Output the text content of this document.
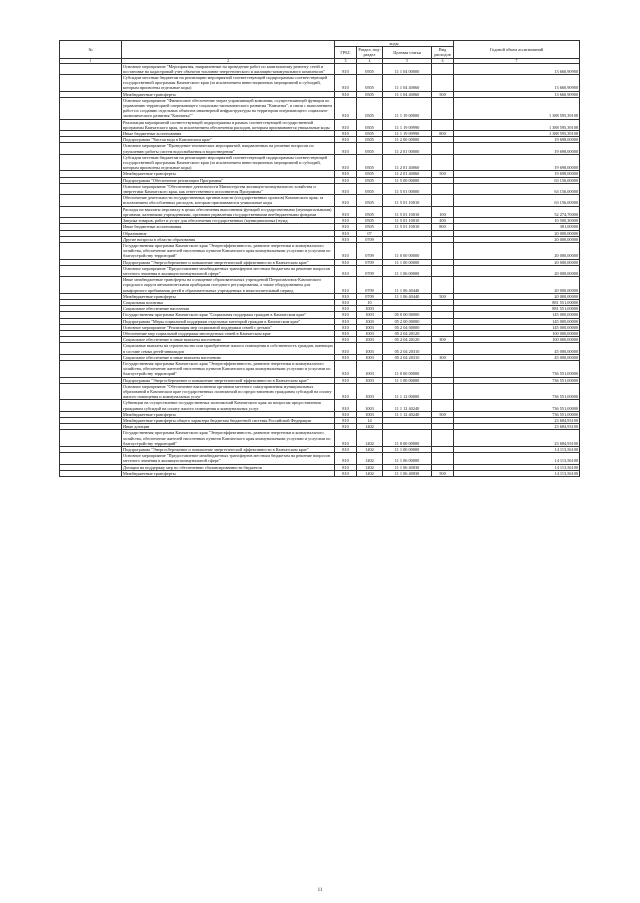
№		коды				Годовой объем ассигнований
		ГРБС	Раздел, под-раздел	Целевая статья	Вид расходов	
1	2	3	4	5	6	7
	Основное мероприятие "Мероприятия, направленные на проведение работ по капитальному ремонту сетей и постановке на кадастровый учет объектов топливно-энергетического и жилищно-коммунального комплексов"	810	0505	11 1 04 00000		13 660,90900
	Субсидии местным бюджетам на реализацию мероприятий соответствующей подпрограммы соответствующей государственной программы Камчатского края (за исключением инвестиционных мероприятий и субсидий, которым присвоены отдельные коды)	810	0505	11 1 04 40060		13 660,90900
	Межбюджетные трансферты	810	0505	11 1 04 40060	500	13 660,90900
	Основное мероприятие "Финансовое обеспечение затрат управляющей компании, осуществляющей функции по управлению территорией опережающего социально-экономического развития "Камчатка", в связи с выполнением работ по созданию отдельных объектов инженерной инфраструктуры на территории опережающего социально-экономического развития "Камчатка""	810	0505	11 1 19 00000		1 388 595,39108
	Реализация мероприятий соответствующей подпрограммы в рамках соответствующей государственной программы Камчатского края, за исключением обеспечения расходов, которым присваиваются уникальные коды	810	0505	11 1 19 09990		1 388 595,39108
	Иные бюджетные ассигнования	810	0505	11 1 19 09990	800	1 388 595,39108
	Подпрограмма "Чистая вода в Камчатском крае"	810	0505	11 2 00 00000		19 698,00000
	Основное мероприятие "Проведение технических мероприятий, направленных на решение вопросов по улучшению работы систем водоснабжения и водоотведения"	810	0505	11 2 01 00000		19 698,00000
	Субсидии местным бюджетам на реализацию мероприятий соответствующей подпрограммы соответствующей государственной программы Камчатского края (за исключением инвестиционных мероприятий и субсидий, которым присвоены отдельные коды)	810	0505	11 2 01 40060		19 698,00000
	Межбюджетные трансферты	810	0505	11 2 01 40060	500	19 698,00000
	Подпрограмма "Обеспечение реализации Программы"	810	0505	11 5 00 00000		63 156,00000
	Основное мероприятие "Обеспечение деятельности Министерства жилищно-коммунального хозяйства и энергетики Камчатского края, как ответственного исполнителя Программы"	810	0505	11 5 01 00000		63 156,00000
	Обеспечение деятельности государственных органов власти (государственных органов) Камчатского края, за исключением обособленных расходов, которым присваиваются уникальные коды	810	0505	11 5 01 10010		63 156,00000
	Расходы на выплаты персоналу в целях обеспечения выполнения функций государственными (муниципальными) органами, казенными учреждениями, органами управления государственными внебюджетными фондами	810	0505	11 5 01 10010	100	52 274,70000
	Закупка товаров, работ и услуг для обеспечения государственных (муниципальных) нужд	810	0505	11 5 01 10010	200	10 500,30000
	Иные бюджетные ассигнования	810	0505	11 5 01 10010	800	381,00000
	Образование	810	07			20 000,00000
	Другие вопросы в области образования	810	0709			20 000,00000
	Государственная программа Камчатского края "Энергоэффективность, развитие энергетики и коммунального хозяйства, обеспечение жителей населенных пунктов Камчатского края коммунальными услугами и услугами по благоустройству территорий"	810	0709	11 0 00 00000		20 000,00000
	Подпрограмма "Энергосбережение и повышение энергетической эффективности в Камчатском крае"	810	0709	11 1 00 00000		20 000,00000
	Основное мероприятие "Предоставление межбюджетных трансфертов местным бюджетам на решение вопросов местного значения в жилищно-коммунальной сфере"	810	0709	11 1 06 00000		20 000,00000
	Иные межбюджетные трансферты на оснащение образовательных учреждений Петропавловск-Камчатского городского округа автоматическими приборами погодного регулирования, а также оборудованием для комфортного пребывания детей в образовательных учреждениях в межотопительный период	810	0709	11 1 06 40440		20 000,00000
	Межбюджетные трансферты	810	0709	11 1 06 40440	500	20 000,00000
	Социальная политика	810	10			881 551,00000
	Социальное обеспечение населения	810	1003			881 551,00000
	Государственная программа Камчатского края "Социальная поддержка граждан в Камчатском крае"	810	1003	05 0 00 00000		145 000,00000
	Подпрограмма "Меры социальной поддержки отдельных категорий граждан в Камчатском крае"	810	1003	05 2 00 00000		145 000,00000
	Основное мероприятие "Реализация мер социальной поддержки семей с детьми"	810	1003	05 2 04 00000		145 000,00000
	Обеспечение мер социальной поддержки многодетных семей в Камчатском крае	810	1003	05 2 04 20120		100 000,00000
	Социальное обеспечение и иные выплаты населению	810	1003	05 2 04 20120	300	100 000,00000
	Социальные выплаты на строительство или приобретение жилого помещения в собственность граждан, имеющих в составе семьи детей-инвалидов	810	1003	05 2 04 20310		45 000,00000
	Социальное обеспечение и иные выплаты населению	810	1003	05 2 04 20310	300	45 000,00000
	Государственная программа Камчатского края "Энергоэффективность, развитие энергетики и коммунального хозяйства, обеспечение жителей населенных пунктов Камчатского края коммунальными услугами и услугами по благоустройству территорий"	810	1003	11 0 00 00000		736 551,00000
	Подпрограмма "Энергосбережение и повышение энергетической эффективности в Камчатском крае"	810	1003	11 1 00 00000		736 551,00000
	Основное мероприятие "Обеспечение выполнения органами местного самоуправления муниципальных образований в Камчатском крае государственных полномочий по предоставлению гражданам субсидий на оплату жилого помещения и коммунальных услуг"	810	1003	11 1 12 00000		736 551,00000
	Субвенции на осуществление государственных полномочий Камчатского края по вопросам предоставления гражданам субсидий на оплату жилого помещения и коммунальных услуг	810	1003	11 1 12 40240		736 551,00000
	Межбюджетные трансферты	810	1003	11 1 12 40240	500	736 551,00000
	Межбюджетные трансферты общего характера бюджетам бюджетной системы Российской Федерации	810	14			23 684,93100
	Иные дотации	810	1402			23 684,93100
	Государственная программа Камчатского края "Энергоэффективность, развитие энергетики и коммунального хозяйства, обеспечение жителей населенных пунктов Камчатского края коммунальными услугами и услугами по благоустройству территорий"	810	1402	11 0 00 00000		23 684,93100
	Подпрограмма "Энергосбережение и повышение энергетической эффективности в Камчатском крае"	810	1402	11 1 00 00000		14 113,56100
	Основное мероприятие "Предоставление межбюджетных трансфертов местным бюджетам на решение вопросов местного значения в жилищно-коммунальной сфере"	810	1402	11 1 06 00000		14 113,56100
	Дотации на поддержку мер по обеспечению сбалансированности бюджетов	810	1402	11 1 06 40030		14 113,56100
	Межбюджетные трансферты	810	1402	11 1 06 40030	500	14 113,56100
11
